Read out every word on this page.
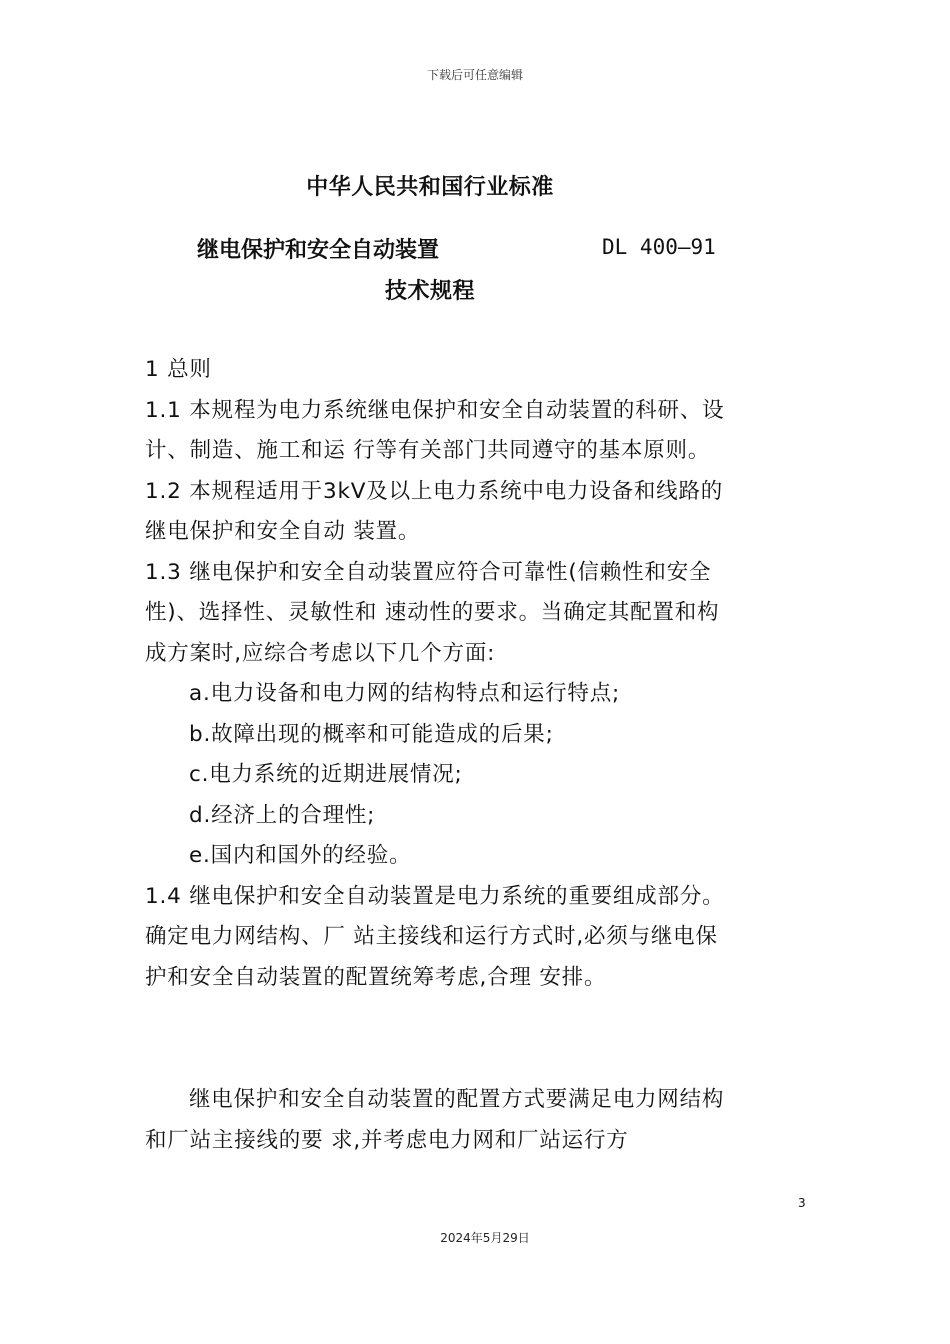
下载后可任意编辑
中华人民共和国行业标准
继电保护和安全自动装置	DL 400—91
技术规程

1 总则

1.1 本规程为电力系统继电保护和安全自动装置的科研、设计、制造、施工和运 行等有关部门共同遵守的基本原则。

1.2 本规程适用于3kV及以上电力系统中电力设备和线路的继电保护和安全自动 装置。

1.3 继电保护和安全自动装置应符合可靠性(信赖性和安全性)、选择性、灵敏性和 速动性的要求。当确定其配置和构成方案时,应综合考虑以下几个方面:

a.电力设备和电力网的结构特点和运行特点;

b.故障出现的概率和可能造成的后果;

c.电力系统的近期进展情况;

d.经济上的合理性;

e.国内和国外的经验。

1.4 继电保护和安全自动装置是电力系统的重要组成部分。确定电力网结构、厂 站主接线和运行方式时,必须与继电保护和安全自动装置的配置统筹考虑,合理 安排。

继电保护和安全自动装置的配置方式要满足电力网结构和厂站主接线的要 求,并考虑电力网和厂站运行方
3
2024年5月29日
